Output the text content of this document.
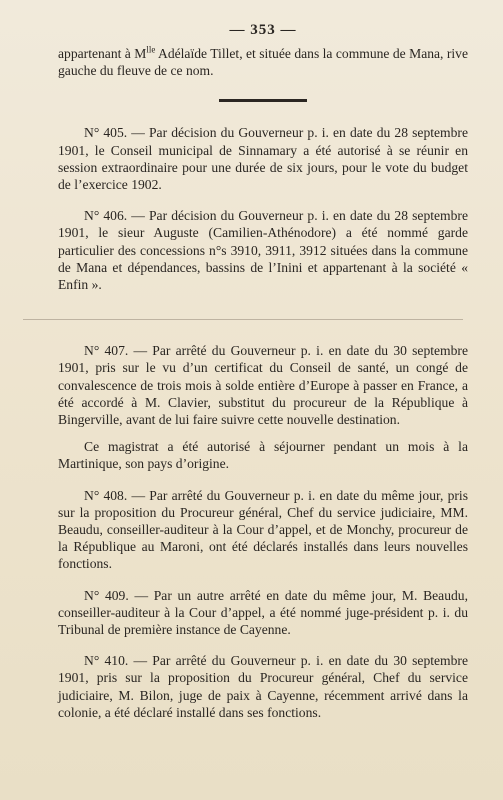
— 353 —

appartenant à $M^{lle}$ Adélaïde Tillet, et située dans la commune de Mana, rive gauche du fleuve de ce nom.

N° 405. — Par décision du Gouverneur p. i. en date du 28 septembre 1901, le Conseil municipal de Sinnamary a été autorisé à se réunir en session extraordinaire pour une durée de six jours, pour le vote du budget de l’exercice 1902.

N° 406. — Par décision du Gouverneur p. i. en date du 28 septembre 1901, le sieur Auguste (Camilien-Athénodore) a été nommé garde particulier des concessions n°s 3910, 3911, 3912 situées dans la commune de Mana et dépendances, bassins de l’Inini et appartenant à la société « Enfin ».

N° 407. — Par arrêté du Gouverneur p. i. en date du 30 septembre 1901, pris sur le vu d’un certificat du Conseil de santé, un congé de convalescence de trois mois à solde entière d’Europe à passer en France, a été accordé à M. Clavier, substitut du procureur de la République à Bingerville, avant de lui faire suivre cette nouvelle destination.

Ce magistrat a été autorisé à séjourner pendant un mois à la Martinique, son pays d’origine.

N° 408. — Par arrêté du Gouverneur p. i. en date du même jour, pris sur la proposition du Procureur général, Chef du service judiciaire, MM. Beaudu, conseiller-auditeur à la Cour d’appel, et de Monchy, procureur de la République au Maroni, ont été déclarés installés dans leurs nouvelles fonctions.

N° 409. — Par un autre arrêté en date du même jour, M. Beaudu, conseiller-auditeur à la Cour d’appel, a été nommé juge-président p. i. du Tribunal de première instance de Cayenne.

N° 410. — Par arrêté du Gouverneur p. i. en date du 30 septembre 1901, pris sur la proposition du Procureur général, Chef du service judiciaire, M. Bilon, juge de paix à Cayenne, récemment arrivé dans la colonie, a été déclaré installé dans ses fonctions.
